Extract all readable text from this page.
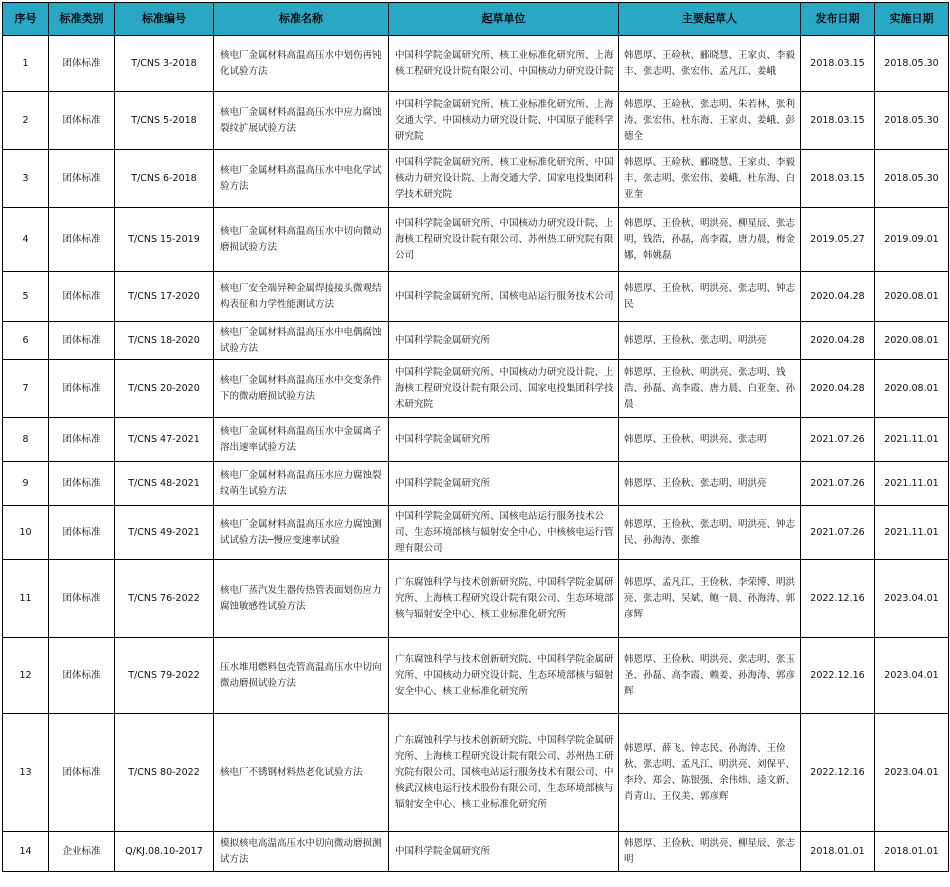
序号	标准类别	标准编号	标准名称	起草单位	主要起草人	发布日期	实施日期
1	团体标准	T/CNS 3-2018	核电厂金属材料高温高压水中划伤再钝化试验方法	中国科学院金属研究所、核工业标准化研究所、上海核工程研究设计院有限公司、中国核动力研究设计院	韩恩厚、王硷秋、郦晓慧、王家贞、李毅丰、张志明、张宏伟、孟凡江、姜峨	2018.03.15	2018.05.30
2	团体标准	T/CNS 5-2018	核电厂金属材料高温高压水中应力腐蚀裂纹扩展试验方法	中国科学院金属研究所、核工业标准化研究所、上海交通大学、中国核动力研究设计院、中国原子能科学研究院	韩恩厚、王硷秋、张志明、朱若林、张利涛、张宏伟、杜东海、王家贞、姜峨、彭德全	2018.03.15	2018.05.30
3	团体标准	T/CNS 6-2018	核电厂金属材料高温高压水中电化学试验方法	中国科学院金属研究所、核工业标准化研究所、中国核动力研究设计院、上海交通大学、国家电投集团科学技术研究院	韩恩厚、王硷秋、郦晓慧、王家贞、李毅丰、张志明、张宏伟、姜峨、杜东海、白亚奎	2018.03.15	2018.05.30
4	团体标准	T/CNS 15-2019	核电厂金属材料高温高压水中切向微动磨损试验方法	中国科学院金属研究所、中国核动力研究设计院、上海核工程研究设计院有限公司、苏州热工研究院有限公司	韩恩厚、王俭秋、明洪亮、柳星辰、张志明，钱浩，孙磊，高李霞，唐力晨，梅金娜，韩姚磊	2019.05.27	2019.09.01
5	团体标准	T/CNS 17-2020	核电厂安全端异种金属焊接接头微观结构表征和力学性能测试方法	中国科学院金属研究所、国核电站运行服务技术公司	韩恩厚、王俭秋、明洪亮、张志明、钟志民	2020.04.28	2020.08.01
6	团体标准	T/CNS 18-2020	核电厂金属材料高温高压水中电偶腐蚀试验方法	中国科学院金属研究所	韩恩厚、王俭秋、张志明、明洪亮	2020.04.28	2020.08.01
7	团体标准	T/CNS 20-2020	核电厂金属材料高温高压水中交变条件下的微动磨损试验方法	中国科学院金属研究所、中国核动力研究设计院、上海核工程研究设计院有限公司、国家电投集团科学技术研究院	韩恩厚、王俭秋、明洪亮、张志明、钱浩、孙磊、高李霞、唐力晨、白亚奎、孙晨	2020.04.28	2020.08.01
8	团体标准	T/CNS 47-2021	核电厂金属材料高温高压水中金属离子溶出速率试验方法	中国科学院金属研究所	韩恩厚、王俭秋、明洪亮、张志明	2021.07.26	2021.11.01
9	团体标准	T/CNS 48-2021	核电厂金属材料高温高压水应力腐蚀裂纹萌生试验方法	中国科学院金属研究所	韩恩厚、王俭秋、张志明、明洪亮	2021.07.26	2021.11.01
10	团体标准	T/CNS 49-2021	核电厂金属材料高温高压水应力腐蚀测试试验方法─慢应变速率试验	中国科学院金属研究所、国核电站运行服务技术公司、生态环境部核与辐射安全中心、中核核电运行管理有限公司	韩恩厚、王俭秋、张志明、明洪亮、钟志民、孙海涛、张维	2021.07.26	2021.11.01
11	团体标准	T/CNS 76-2022	核电厂蒸汽发生器传热管表面划伤应力腐蚀敏感性试验方法	广东腐蚀科学与技术创新研究院、中国科学院金属研究所、上海核工程研究设计院有限公司、生态环境部核与辐射安全中心、核工业标准化研究所	韩恩厚、孟凡江、王俭秋、李荣博、明洪亮、张志明、吴斌、鲍一晨、孙海涛、郭彦辉	2022.12.16	2023.04.01
12	团体标准	T/CNS 79-2022	压水堆用燃料包壳管高温高压水中切向微动磨损试验方法	广东腐蚀科学与技术创新研究院、中国科学院金属研究所、中国核动力研究设计院、生态环境部核与辐射安全中心、核工业标准化研究所	韩恩厚、王俭秋、明洪亮、张志明、张玉圣、孙磊、高李霞、赖姜、孙海涛、郭彦辉	2022.12.16	2023.04.01
13	团体标准	T/CNS 80-2022	核电厂不锈钢材料热老化试验方法	广东腐蚀科学与技术创新研究院、中国科学院金属研究所、上海核工程研究设计院有限公司、苏州热工研究院有限公司、国核电站运行服务技术有限公司、中核武汉核电运行技术股份有限公司、生态环境部核与辐射安全中心、核工业标准化研究所	韩恩厚、薛飞、钟志民、孙海涛、王俭秋、张志明、孟凡江、明洪亮、刘保平、李玲、郑会、陈银强、余伟炜、逵文新、肖青山、王仪美、郭彦辉	2022.12.16	2023.04.01
14	企业标准	Q/KJ.08.10-2017	模拟核电高温高压水中切向微动磨损测试方法	中国科学院金属研究所	韩恩厚、王俭秋、明洪亮、柳星辰、张志明	2018.01.01	2018.01.01
